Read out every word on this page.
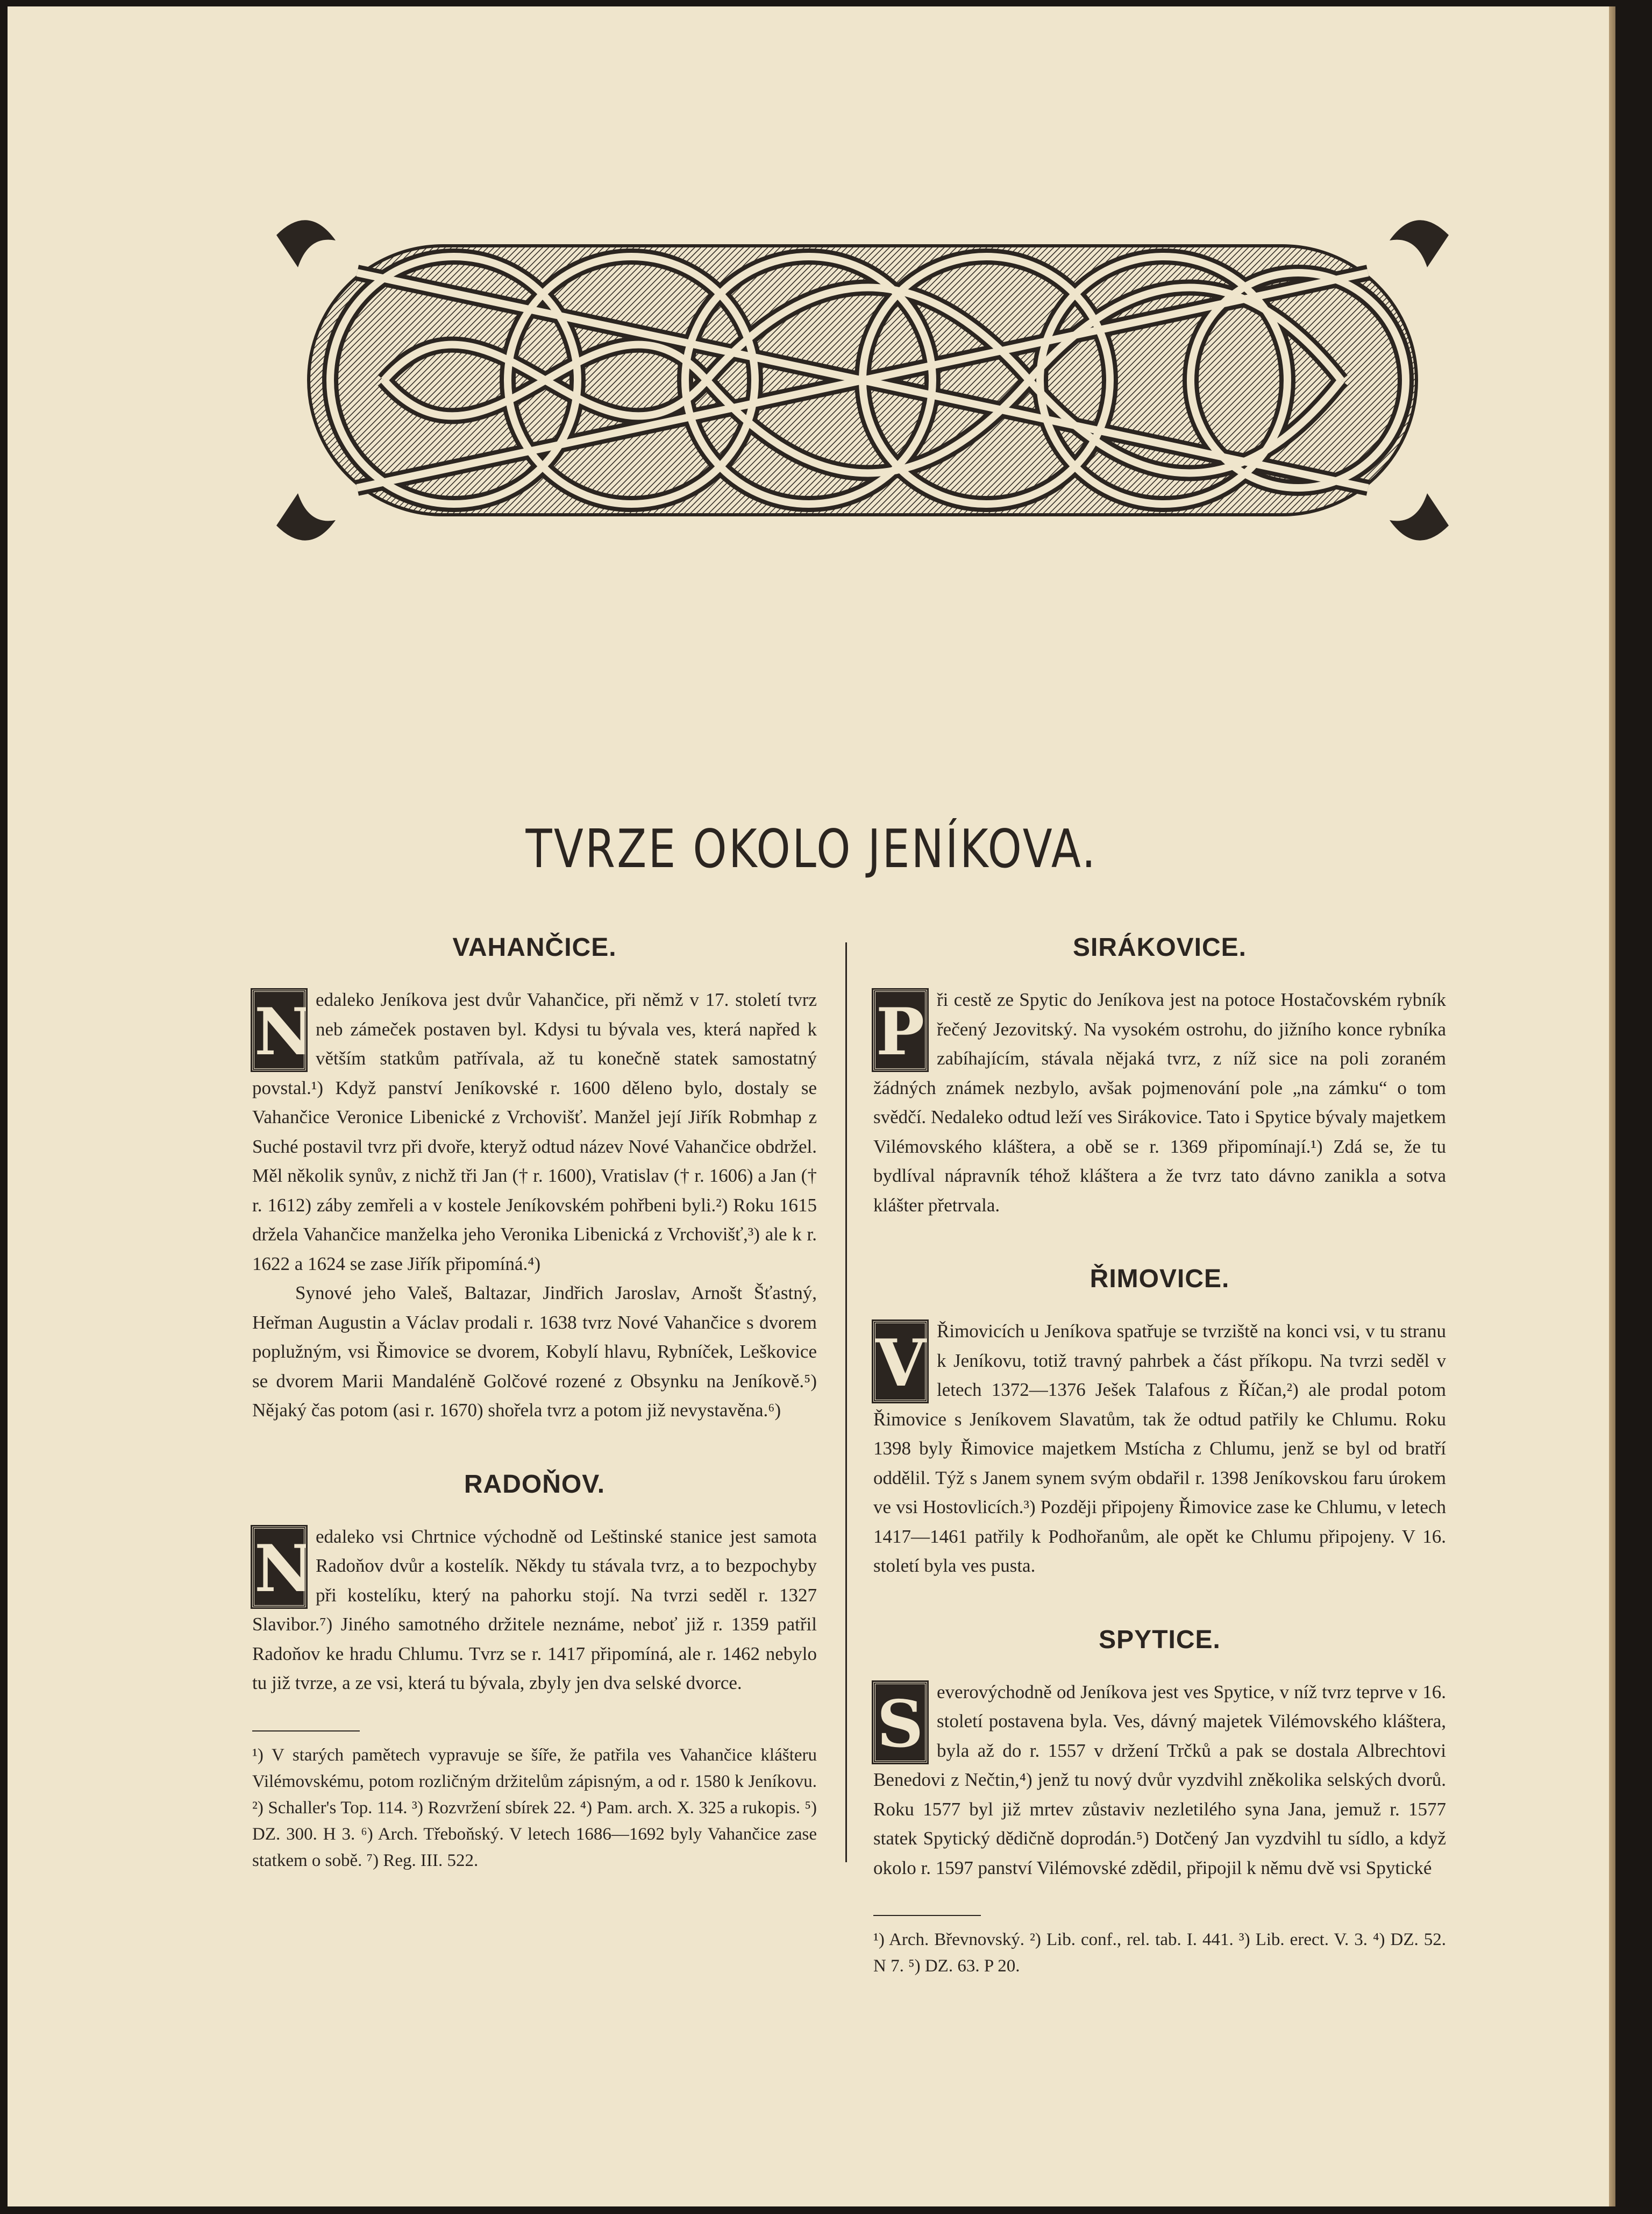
TVRZE OKOLO JENÍKOVA.
VAHANČICE.
N edaleko Jeníkova jest dvůr Vahančice, při němž v 17. století tvrz neb zámeček postaven byl. Kdysi tu bývala ves, která napřed k větším statkům patřívala, až tu konečně statek samostatný povstal.¹) Když panství Jeníkovské r. 1600 děleno bylo, dostaly se Vahančice Veronice Libenické z Vrchovišť. Manžel její Jiřík Robmhap z Suché postavil tvrz při dvoře, kteryž odtud název Nové Vahančice obdržel. Měl několik synův, z nichž tři Jan († r. 1600), Vratislav († r. 1606) a Jan († r. 1612) záby zemřeli a v kostele Jeníkovském pohřbeni byli.²) Roku 1615 držela Vahančice manželka jeho Veronika Libenická z Vrchovišť,³) ale k r. 1622 a 1624 se zase Jiřík připomíná.⁴)

Synové jeho Valeš, Baltazar, Jindřich Jaroslav, Arnošt Šťastný, Heřman Augustin a Václav prodali r. 1638 tvrz Nové Vahančice s dvorem poplužným, vsi Řimovice se dvorem, Kobylí hlavu, Rybníček, Leškovice se dvorem Marii Mandaléně Golčové rozené z Obsynku na Jeníkově.⁵) Nějaký čas potom (asi r. 1670) shořela tvrz a potom již nevystavěna.⁶)

RADOŇOV.
N edaleko vsi Chrtnice východně od Leštinské stanice jest samota Radoňov dvůr a kostelík. Někdy tu stávala tvrz, a to bezpochyby při kostelíku, který na pahorku stojí. Na tvrzi seděl r. 1327 Slavibor.⁷) Jiného samotného držitele neznáme, neboť již r. 1359 patřil Radoňov ke hradu Chlumu. Tvrz se r. 1417 připomíná, ale r. 1462 nebylo tu již tvrze, a ze vsi, která tu bývala, zbyly jen dva selské dvorce.

¹) V starých pamětech vypravuje se šíře, že patřila ves Vahančice klášteru Vilémovskému, potom rozličným držitelům zápisným, a od r. 1580 k Jeníkovu. ²) Schaller's Top. 114. ³) Rozvržení sbírek 22. ⁴) Pam. arch. X. 325 a rukopis. ⁵) DZ. 300. H 3. ⁶) Arch. Třeboňský. V letech 1686—1692 byly Vahančice zase statkem o sobě. ⁷) Reg. III. 522.

SIRÁKOVICE.
P ři cestě ze Spytic do Jeníkova jest na potoce Hostačovském rybník řečený Jezovitský. Na vysokém ostrohu, do jižního konce rybníka zabíhajícím, stávala nějaká tvrz, z níž sice na poli zoraném žádných známek nezbylo, avšak pojmenování pole „na zámku“ o tom svědčí. Nedaleko odtud leží ves Sirákovice. Tato i Spytice bývaly majetkem Vilémovského kláštera, a obě se r. 1369 připomínají.¹) Zdá se, že tu bydlíval nápravník téhož kláštera a že tvrz tato dávno zanikla a sotva klášter přetrvala.

ŘIMOVICE.
V Řimovicích u Jeníkova spatřuje se tvrziště na konci vsi, v tu stranu k Jeníkovu, totiž travný pahrbek a část příkopu. Na tvrzi seděl v letech 1372—1376 Ješek Talafous z Říčan,²) ale prodal potom Řimovice s Jeníkovem Slavatům, tak že odtud patřily ke Chlumu. Roku 1398 byly Řimovice majetkem Mstícha z Chlumu, jenž se byl od bratří oddělil. Týž s Janem synem svým obdařil r. 1398 Jeníkovskou faru úrokem ve vsi Hostovlicích.³) Později připojeny Řimovice zase ke Chlumu, v letech 1417—1461 patřily k Podhořanům, ale opět ke Chlumu připojeny. V 16. století byla ves pusta.

SPYTICE.
S everovýchodně od Jeníkova jest ves Spytice, v níž tvrz teprve v 16. století postavena byla. Ves, dávný majetek Vilémovského kláštera, byla až do r. 1557 v držení Trčků a pak se dostala Albrechtovi Benedovi z Nečtin,⁴) jenž tu nový dvůr vyzdvihl zněkolika selských dvorů. Roku 1577 byl již mrtev zůstaviv nezletilého syna Jana, jemuž r. 1577 statek Spytický dědičně doprodán.⁵) Dotčený Jan vyzdvihl tu sídlo, a když okolo r. 1597 panství Vilémovské zdědil, připojil k němu dvě vsi Spytické

¹) Arch. Břevnovský. ²) Lib. conf., rel. tab. I. 441. ³) Lib. erect. V. 3. ⁴) DZ. 52. N 7. ⁵) DZ. 63. P 20.
